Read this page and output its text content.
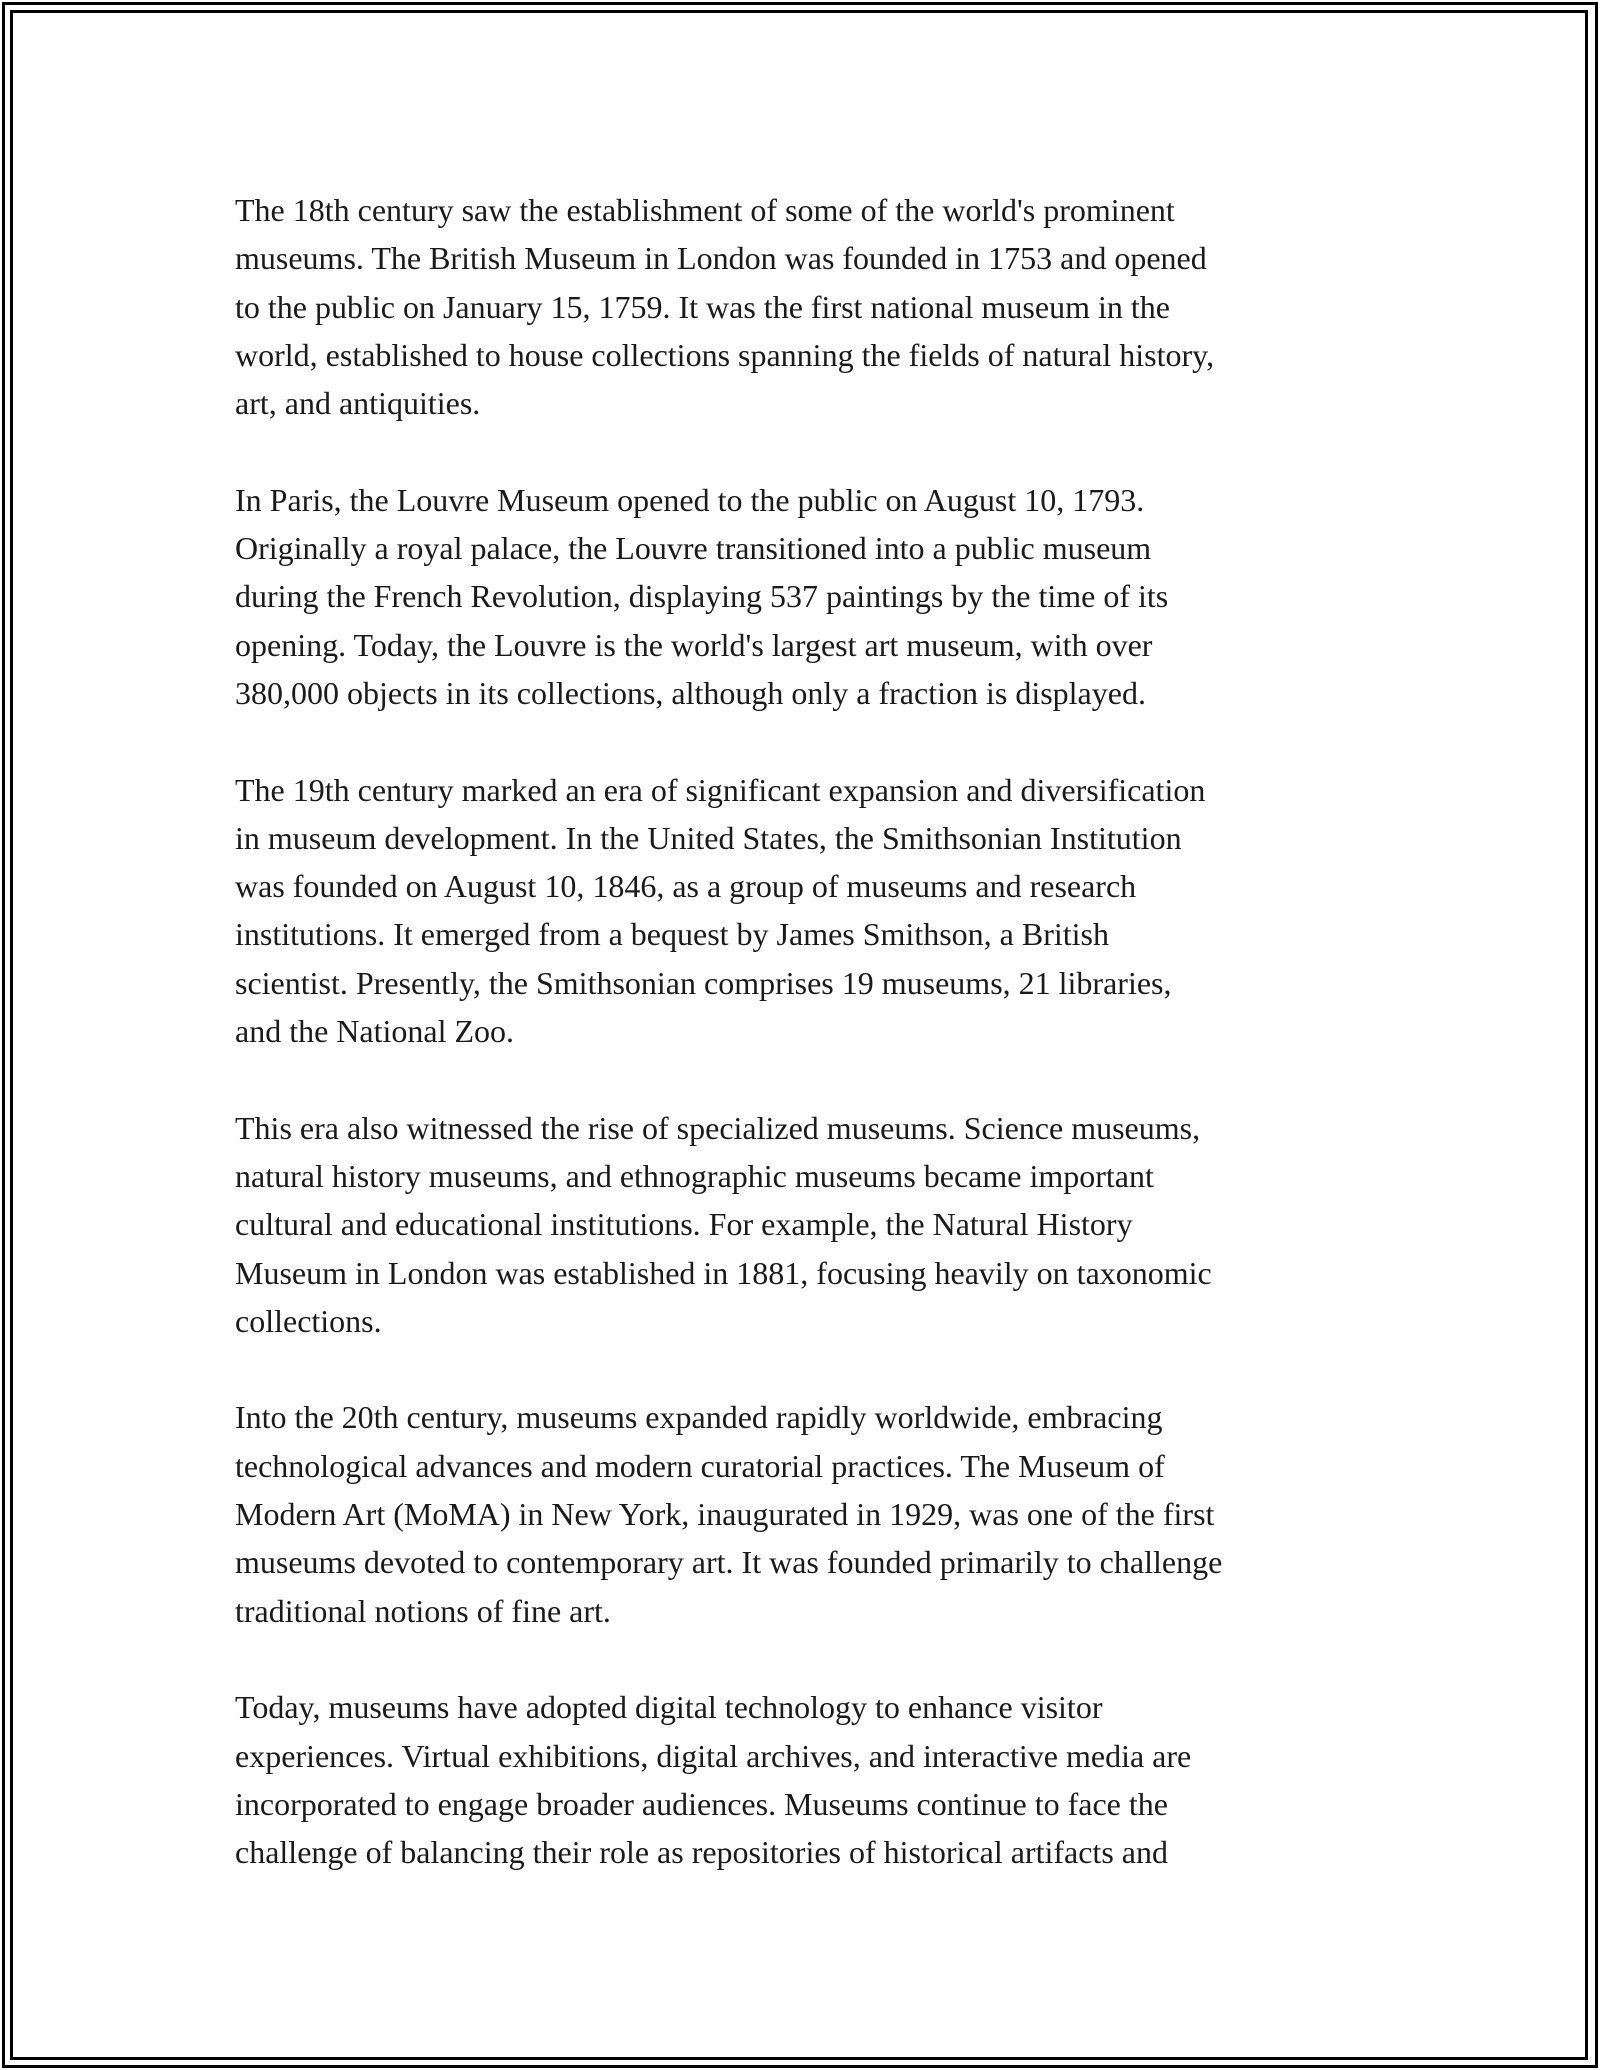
The 18th century saw the establishment of some of the world's prominent
museums. The British Museum in London was founded in 1753 and opened
to the public on January 15, 1759. It was the first national museum in the
world, established to house collections spanning the fields of natural history,
art, and antiquities.

In Paris, the Louvre Museum opened to the public on August 10, 1793.
Originally a royal palace, the Louvre transitioned into a public museum
during the French Revolution, displaying 537 paintings by the time of its
opening. Today, the Louvre is the world's largest art museum, with over
380,000 objects in its collections, although only a fraction is displayed.

The 19th century marked an era of significant expansion and diversification
in museum development. In the United States, the Smithsonian Institution
was founded on August 10, 1846, as a group of museums and research
institutions. It emerged from a bequest by James Smithson, a British
scientist. Presently, the Smithsonian comprises 19 museums, 21 libraries,
and the National Zoo.

This era also witnessed the rise of specialized museums. Science museums,
natural history museums, and ethnographic museums became important
cultural and educational institutions. For example, the Natural History
Museum in London was established in 1881, focusing heavily on taxonomic
collections.

Into the 20th century, museums expanded rapidly worldwide, embracing
technological advances and modern curatorial practices. The Museum of
Modern Art (MoMA) in New York, inaugurated in 1929, was one of the first
museums devoted to contemporary art. It was founded primarily to challenge
traditional notions of fine art.

Today, museums have adopted digital technology to enhance visitor
experiences. Virtual exhibitions, digital archives, and interactive media are
incorporated to engage broader audiences. Museums continue to face the
challenge of balancing their role as repositories of historical artifacts and
